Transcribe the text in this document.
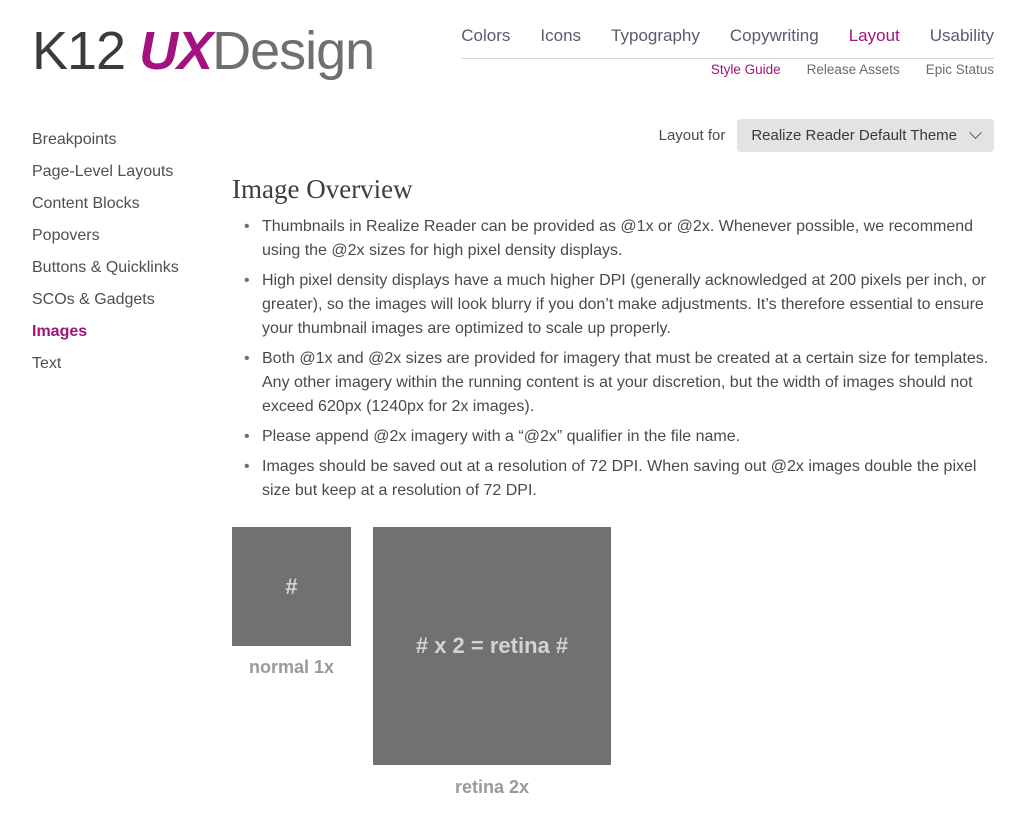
K12 UXDesign	Colors Icons Typography Copywriting Layout Usability
Style Guide Release Assets Epic Status
Breakpoints
Page-Level Layouts
Content Blocks
Popovers
Buttons & Quicklinks
SCOs & Gadgets
Images
Text
Layout for Realize Reader Default Theme
Image Overview
• Thumbnails in Realize Reader can be provided as @1x or @2x. Whenever possible, we recommend using the @2x sizes for high pixel density displays.
• High pixel density displays have a much higher DPI (generally acknowledged at 200 pixels per inch, or greater), so the images will look blurry if you don’t make adjustments. It’s therefore essential to ensure your thumbnail images are optimized to scale up properly.
• Both @1x and @2x sizes are provided for imagery that must be created at a certain size for templates. Any other imagery within the running content is at your discretion, but the width of images should not exceed 620px (1240px for 2x images).
• Please append @2x imagery with a “@2x” qualifier in the file name.
• Images should be saved out at a resolution of 72 DPI. When saving out @2x images double the pixel size but keep at a resolution of 72 DPI.
#
normal 1x
# x 2 = retina #
retina 2x
